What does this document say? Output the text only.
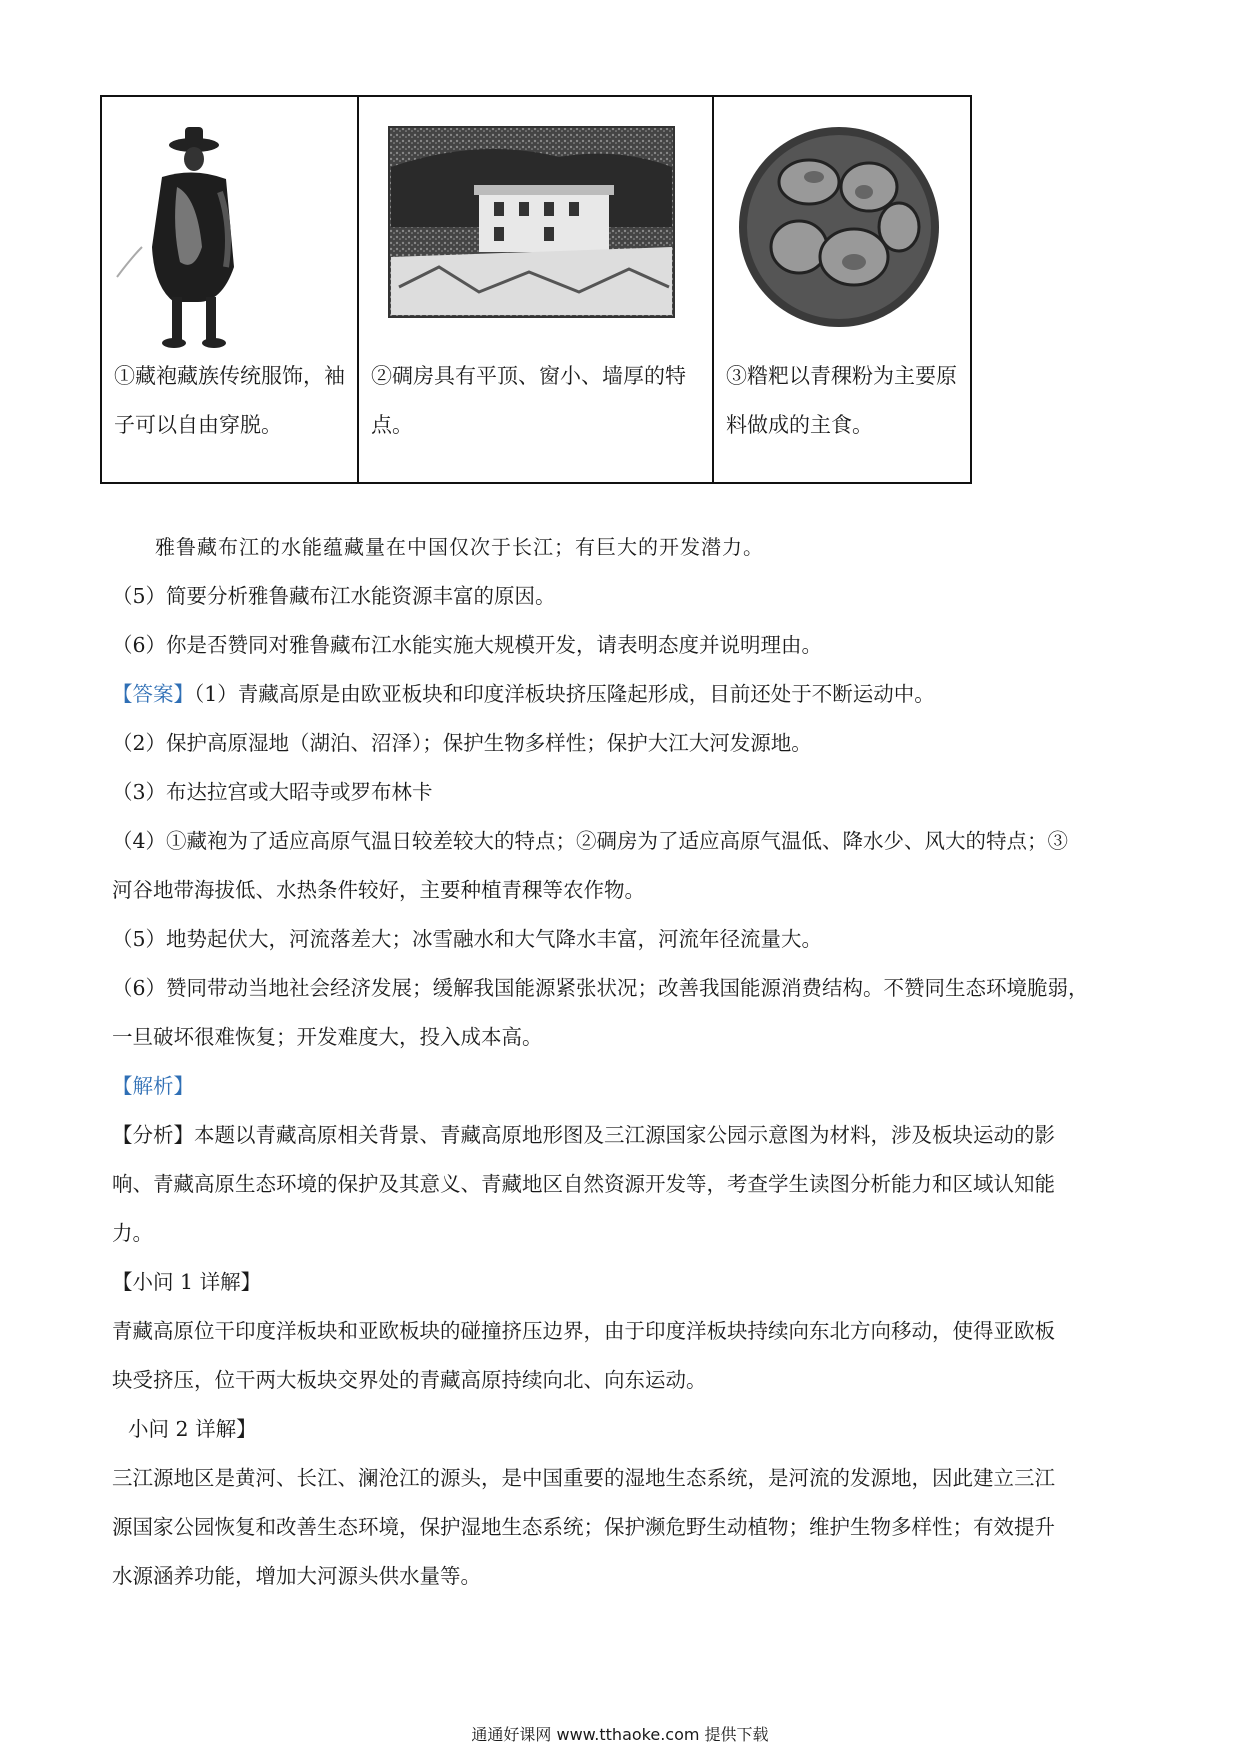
①藏袍藏族传统服饰，袖子可以自由穿脱。

②碉房具有平顶、窗小、墙厚的特点。

③糌粑以青稞粉为主要原料做成的主食。

雅鲁藏布江的水能蕴藏量在中国仅次于长江；有巨大的开发潜力。

（5）简要分析雅鲁藏布江水能资源丰富的原因。

（6）你是否赞同对雅鲁藏布江水能实施大规模开发，请表明态度并说明理由。

【答案】（1）青藏高原是由欧亚板块和印度洋板块挤压隆起形成，目前还处于不断运动中。

（2）保护高原湿地（湖泊、沼泽）；保护生物多样性；保护大江大河发源地。

（3）布达拉宫或大昭寺或罗布林卡

（4）①藏袍为了适应高原气温日较差较大的特点；②碉房为了适应高原气温低、降水少、风大的特点；③

河谷地带海拔低、水热条件较好，主要种植青稞等农作物。

（5）地势起伏大，河流落差大；冰雪融水和大气降水丰富，河流年径流量大。

（6）赞同带动当地社会经济发展；缓解我国能源紧张状况；改善我国能源消费结构。不赞同生态环境脆弱，

一旦破坏很难恢复；开发难度大，投入成本高。

【解析】

【分析】本题以青藏高原相关背景、青藏高原地形图及三江源国家公园示意图为材料，涉及板块运动的影

响、青藏高原生态环境的保护及其意义、青藏地区自然资源开发等，考查学生读图分析能力和区域认知能

力。

【小问 1 详解】

青藏高原位干印度洋板块和亚欧板块的碰撞挤压边界，由于印度洋板块持续向东北方向移动，使得亚欧板

块受挤压，位干两大板块交界处的青藏高原持续向北、向东运动。

小问 2 详解】

三江源地区是黄河、长江、澜沧江的源头，是中国重要的湿地生态系统，是河流的发源地，因此建立三江

源国家公园恢复和改善生态环境，保护湿地生态系统；保护濒危野生动植物；维护生物多样性；有效提升

水源涵养功能，增加大河源头供水量等。

通通好课网 www.tthaoke.com 提供下载
